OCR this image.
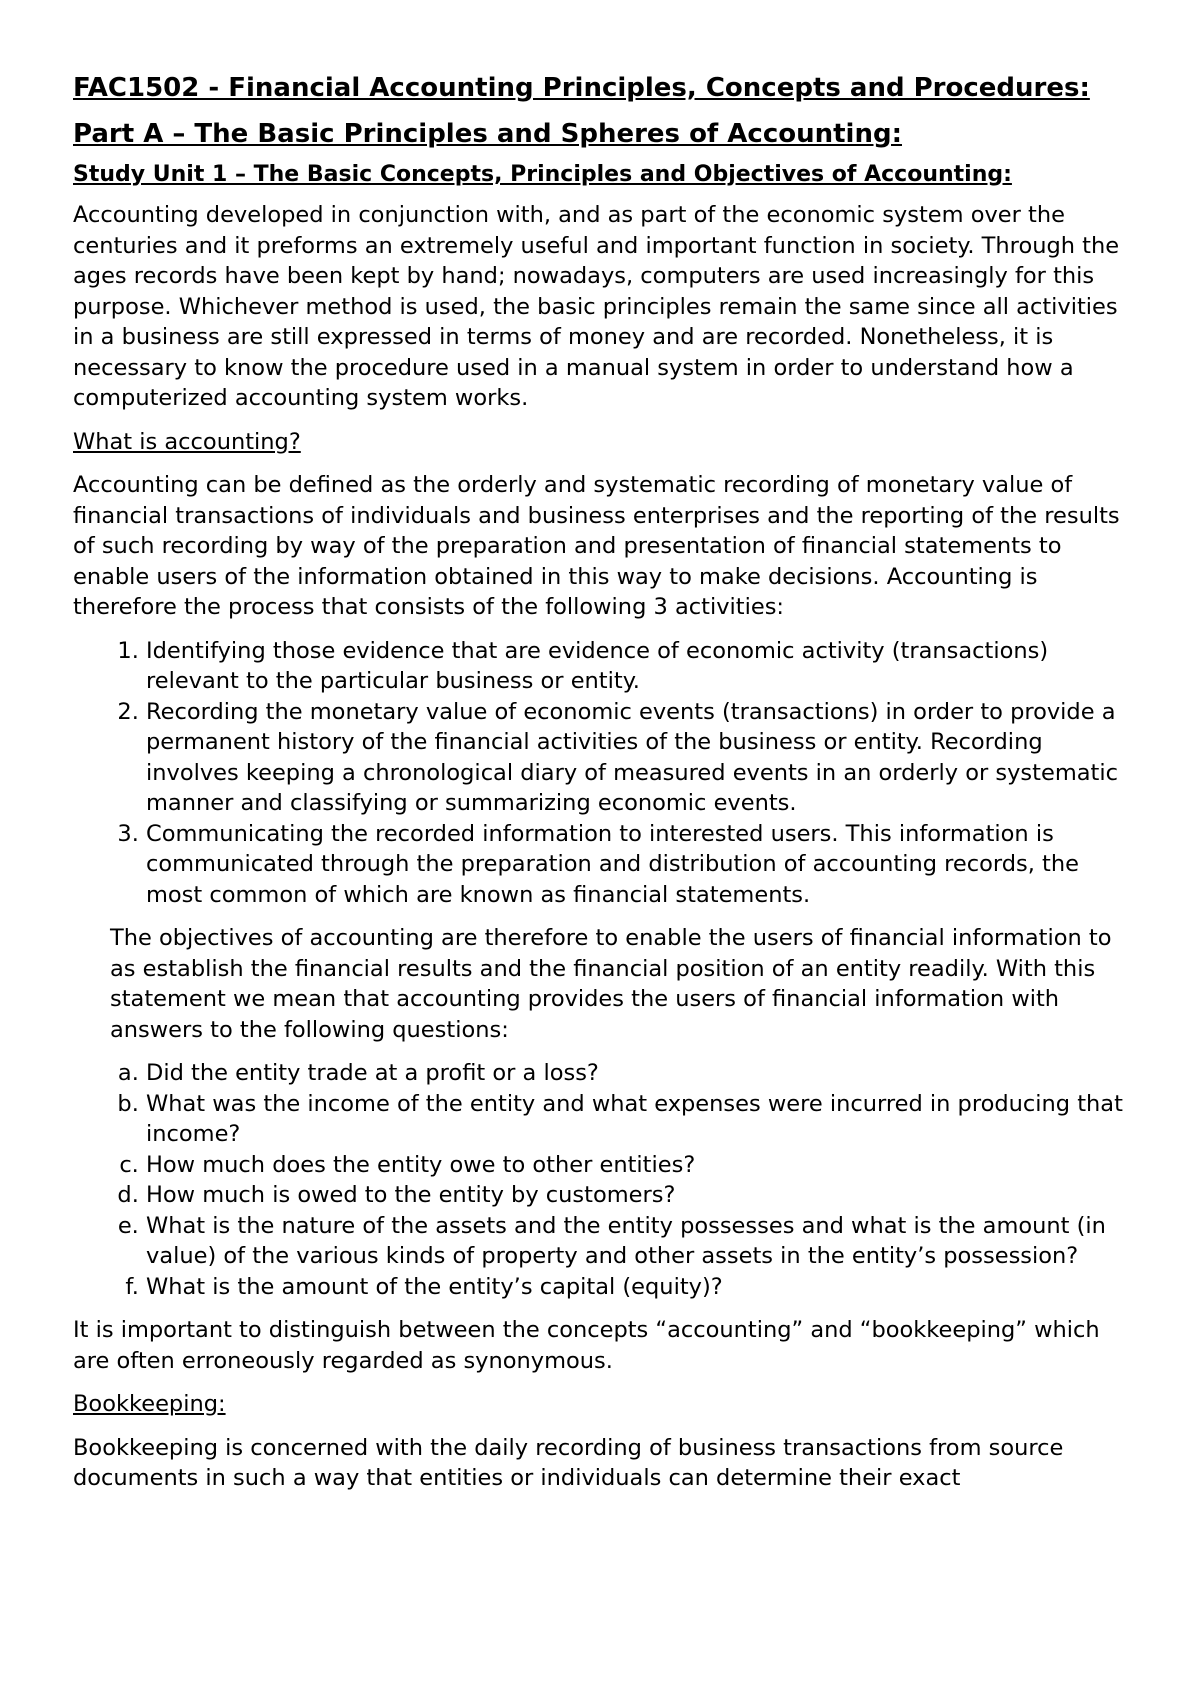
FAC1502 - Financial Accounting Principles, Concepts and Procedures:
Part A – The Basic Principles and Spheres of Accounting:
Study Unit 1 – The Basic Concepts, Principles and Objectives of Accounting:

Accounting developed in conjunction with, and as part of the economic system over the centuries and it preforms an extremely useful and important function in society. Through the ages records have been kept by hand; nowadays, computers are used increasingly for this purpose. Whichever method is used, the basic principles remain the same since all activities in a business are still expressed in terms of money and are recorded. Nonetheless, it is necessary to know the procedure used in a manual system in order to understand how a computerized accounting system works.

What is accounting?

Accounting can be defined as the orderly and systematic recording of monetary value of financial transactions of individuals and business enterprises and the reporting of the results of such recording by way of the preparation and presentation of financial statements to enable users of the information obtained in this way to make decisions. Accounting is therefore the process that consists of the following 3 activities:

1. Identifying those evidence that are evidence of economic activity (transactions) relevant to the particular business or entity.
2. Recording the monetary value of economic events (transactions) in order to provide a permanent history of the financial activities of the business or entity. Recording involves keeping a chronological diary of measured events in an orderly or systematic manner and classifying or summarizing economic events.
3. Communicating the recorded information to interested users. This information is communicated through the preparation and distribution of accounting records, the most common of which are known as financial statements.

The objectives of accounting are therefore to enable the users of financial information to as establish the financial results and the financial position of an entity readily. With this statement we mean that accounting provides the users of financial information with answers to the following questions:

a. Did the entity trade at a profit or a loss?
b. What was the income of the entity and what expenses were incurred in producing that income?
c. How much does the entity owe to other entities?
d. How much is owed to the entity by customers?
e. What is the nature of the assets and the entity possesses and what is the amount (in value) of the various kinds of property and other assets in the entity’s possession?
f. What is the amount of the entity’s capital (equity)?

It is important to distinguish between the concepts “accounting” and “bookkeeping” which are often erroneously regarded as synonymous.

Bookkeeping:

Bookkeeping is concerned with the daily recording of business transactions from source documents in such a way that entities or individuals can determine their exact
